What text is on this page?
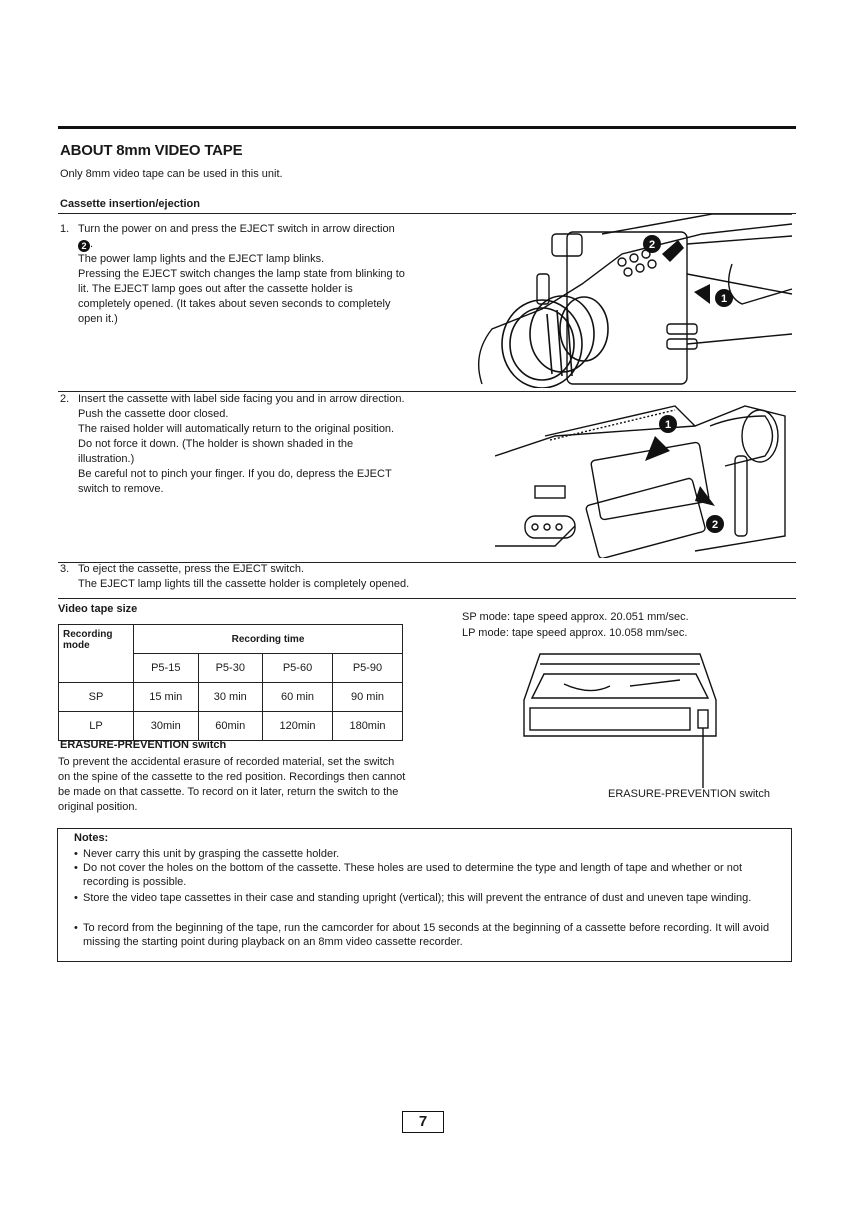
ABOUT 8mm VIDEO TAPE
Only 8mm video tape can be used in this unit.
Cassette insertion/ejection
1. Turn the power on and press the EJECT switch in arrow direction 2 .

The power lamp lights and the EJECT lamp blinks.

Pressing the EJECT switch changes the lamp state from blinking to lit. The EJECT lamp goes out after the cassette holder is completely opened. (It takes about seven seconds to completely open it.)

2
1
2. Insert the cassette with label side facing you and in arrow direction. Push the cassette door closed.

The raised holder will automatically return to the original position.

Do not force it down. (The holder is shown shaded in the illustration.)

Be careful not to pinch your finger. If you do, depress the EJECT switch to remove.

1
2
3. To eject the cassette, press the EJECT switch.

The EJECT lamp lights till the cassette holder is completely opened.

Video tape size
Recording mode	Recording time			
	P5-15	P5-30	P5-60	P5-90
SP	15 min	30 min	60 min	90 min
LP	30min	60min	120min	180min
SP mode: tape speed approx. 20.051 mm/sec.
LP mode: tape speed approx. 10.058 mm/sec.
ERASURE-PREVENTION switch
To prevent the accidental erasure of recorded material, set the switch on the spine of the cassette to the red position. Recordings then cannot be made on that cassette. To record on it later, return the switch to the original position.
ERASURE-PREVENTION switch
Notes:
• Never carry this unit by grasping the cassette holder.
• Do not cover the holes on the bottom of the cassette. These holes are used to determine the type and length of tape and whether or not recording is possible.
• Store the video tape cassettes in their case and standing upright (vertical); this will prevent the entrance of dust and uneven tape winding.
• To record from the beginning of the tape, run the camcorder for about 15 seconds at the beginning of a cassette before recording. It will avoid missing the starting point during playback on an 8mm video cassette recorder.
7
